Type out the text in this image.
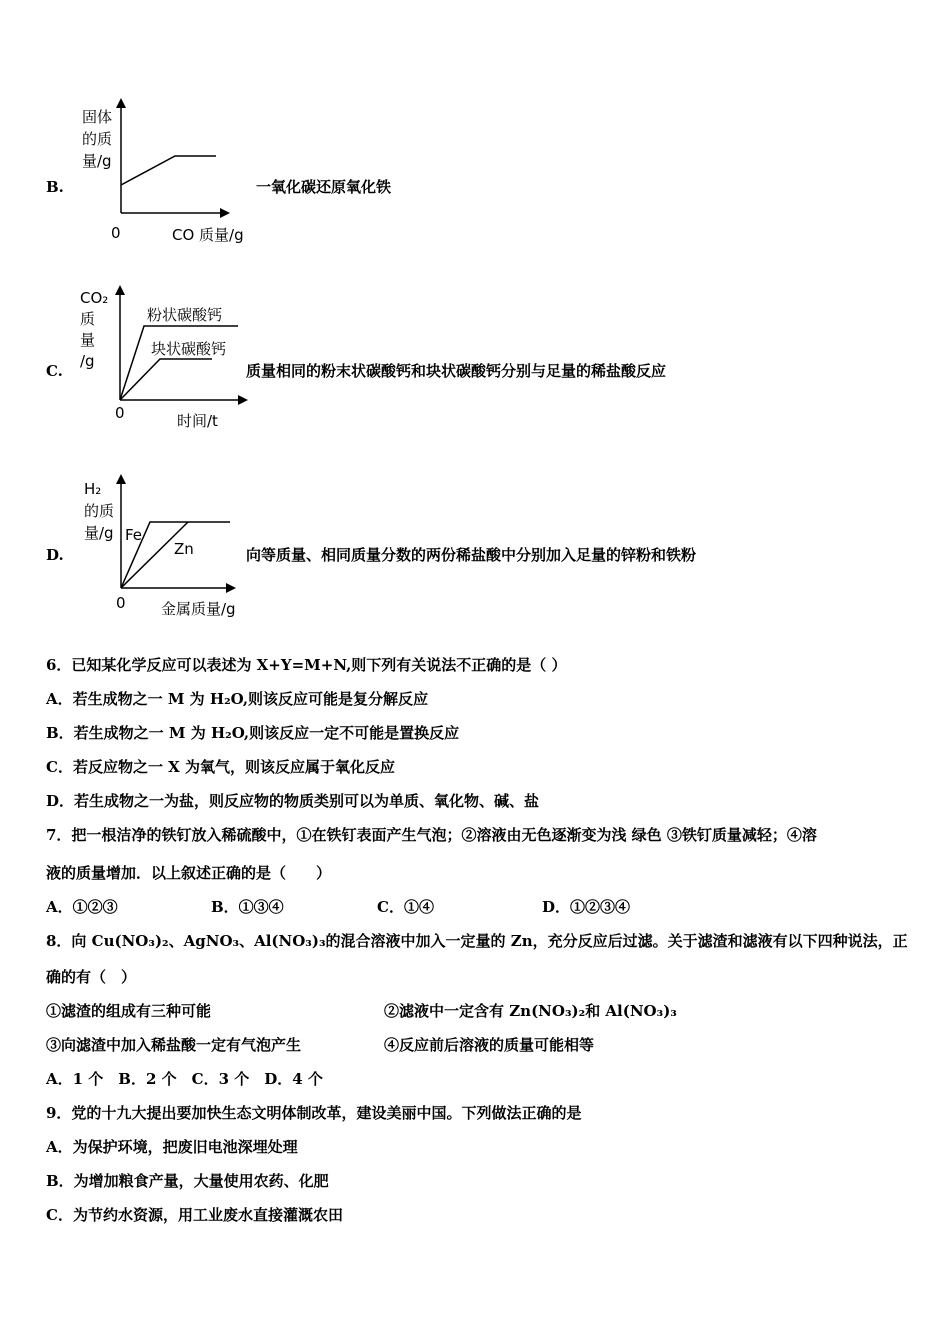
B.
固体
的质
量/g
0	CO 质量/g
一氧化碳还原氧化铁
C.
CO₂
质
量
/g
粉状碳酸钙
块状碳酸钙
0	时间/t
质量相同的粉末状碳酸钙和块状碳酸钙分别与足量的稀盐酸反应
D.
H₂
的质
量/g Fe
Zn
0 金属质量/g
向等质量、相同质量分数的两份稀盐酸中分别加入足量的锌粉和铁粉
6．已知某化学反应可以表述为 X+Y=M+N,则下列有关说法不正确的是（ ）
A．若生成物之一 M 为 H₂O,则该反应可能是复分解反应
B．若生成物之一 M 为 H₂O,则该反应一定不可能是置换反应
C．若反应物之一 X 为氧气，则该反应属于氧化反应
D．若生成物之一为盐，则反应物的物质类别可以为单质、氧化物、碱、盐
7．把一根洁净的铁钉放入稀硫酸中，①在铁钉表面产生气泡；②溶液由无色逐渐变为浅 绿色 ③铁钉质量减轻；④溶
液的质量增加．以上叙述正确的是（　　）
A．①②③	B．①③④	C．①④	D．①②③④
8．向 Cu(NO₃)₂、AgNO₃、Al(NO₃)₃的混合溶液中加入一定量的 Zn，充分反应后过滤。关于滤渣和滤液有以下四种说法，正
确的有（　）
①滤渣的组成有三种可能	②滤液中一定含有 Zn(NO₃)₂和 Al(NO₃)₃
③向滤渣中加入稀盐酸一定有气泡产生	④反应前后溶液的质量可能相等
A．1 个　B．2 个　C．3 个　D．4 个
9．党的十九大提出要加快生态文明体制改革，建设美丽中国。下列做法正确的是
A．为保护环境，把废旧电池深埋处理
B．为增加粮食产量，大量使用农药、化肥
C．为节约水资源，用工业废水直接灌溉农田
